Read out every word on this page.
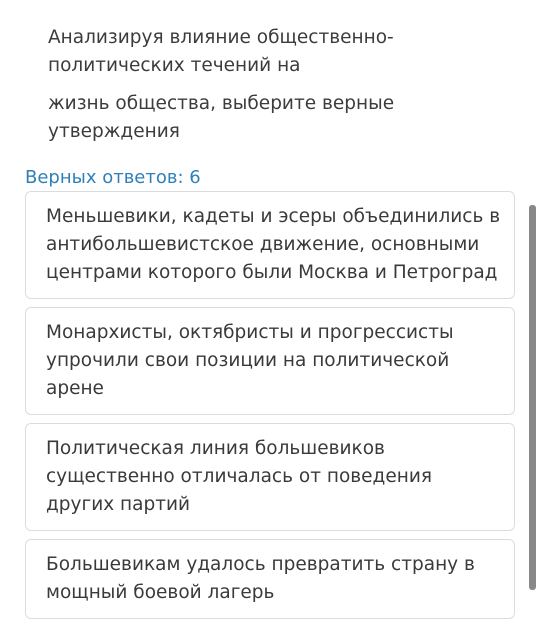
Анализируя влияние общественно-политических течений на

жизнь общества, выберите верные утверждения

Верных ответов: 6
Меньшевики, кадеты и эсеры объединились в антибольшевистское движение, основными центрами которого были Москва и Петроград
Монархисты, октябристы и прогрессисты упрочили свои позиции на политической арене
Политическая линия большевиков существенно отличалась от поведения других партий
Большевикам удалось превратить страну в мощный боевой лагерь
